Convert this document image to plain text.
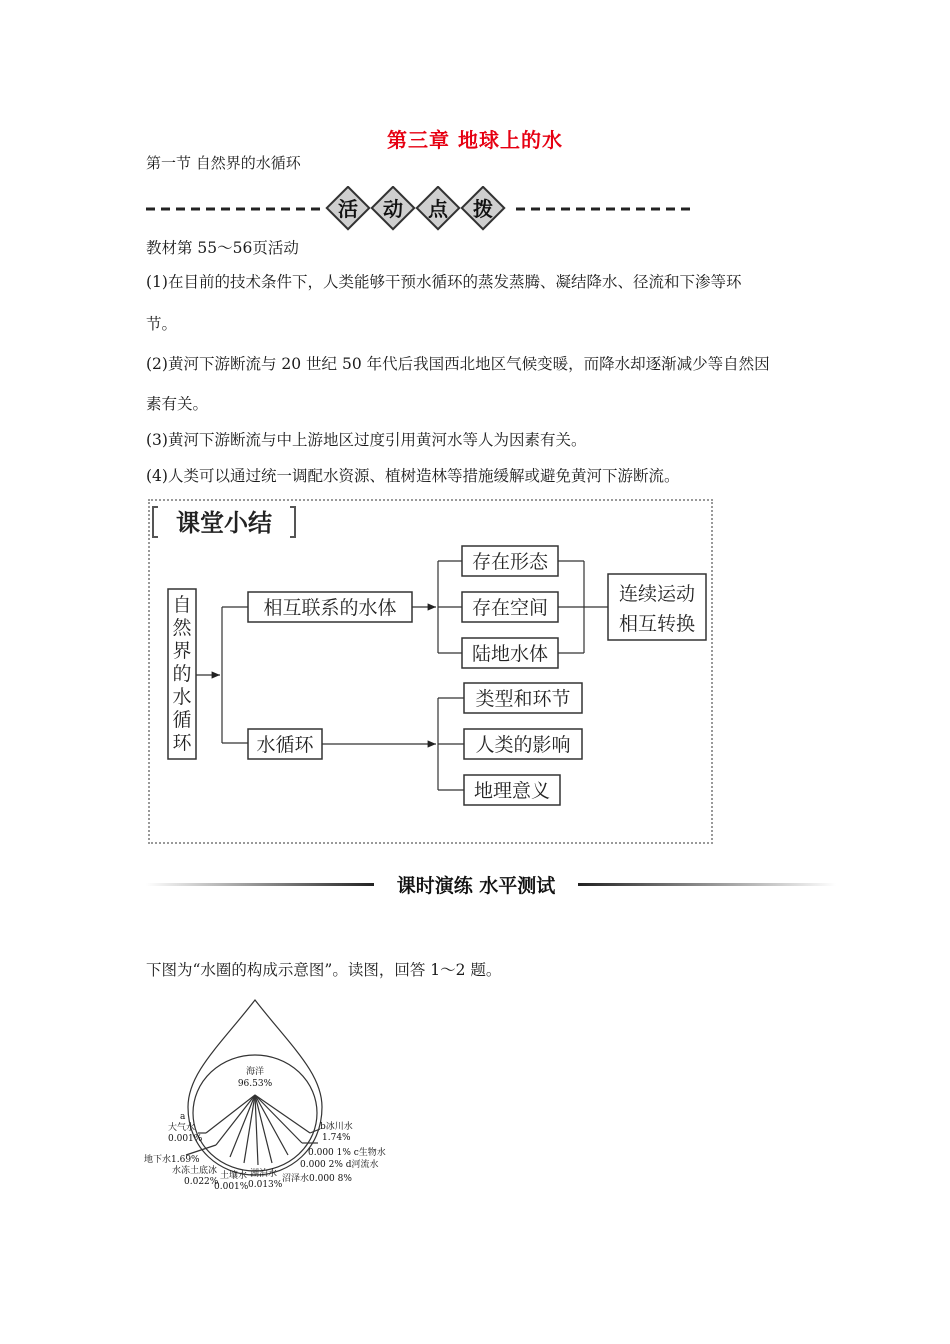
第三章 地球上的水
第一节 自然界的水循环
活 动 点 拨
教材第 55～56页活动
(1)在目前的技术条件下，人类能够干预水循环的蒸发蒸腾、凝结降水、径流和下渗等环
节。
(2)黄河下游断流与 20 世纪 50 年代后我国西北地区气候变暖，而降水却逐渐减少等自然因
素有关。
(3)黄河下游断流与中上游地区过度引用黄河水等人为因素有关。
(4)人类可以通过统一调配水资源、植树造林等措施缓解或避免黄河下游断流。
课堂小结
自
然
界
的
水
循
环
相互联系的水体
存在形态
存在空间
陆地水体
连续运动
相互转换
水循环
类型和环节
人类的影响
地理意义
课时演练 水平测试
下图为“水圈的构成示意图”。读图，回答 1～2 题。
海洋
96.53%
a
大气水
0.001%
地下水1.69%
水冻土底冰
0.022%
土壤水
0.001%
湖泊水
0.013%
沼泽水0.000 8%
b冰川水
1.74%
0.000 1% c生物水
0.000 2% d河流水
